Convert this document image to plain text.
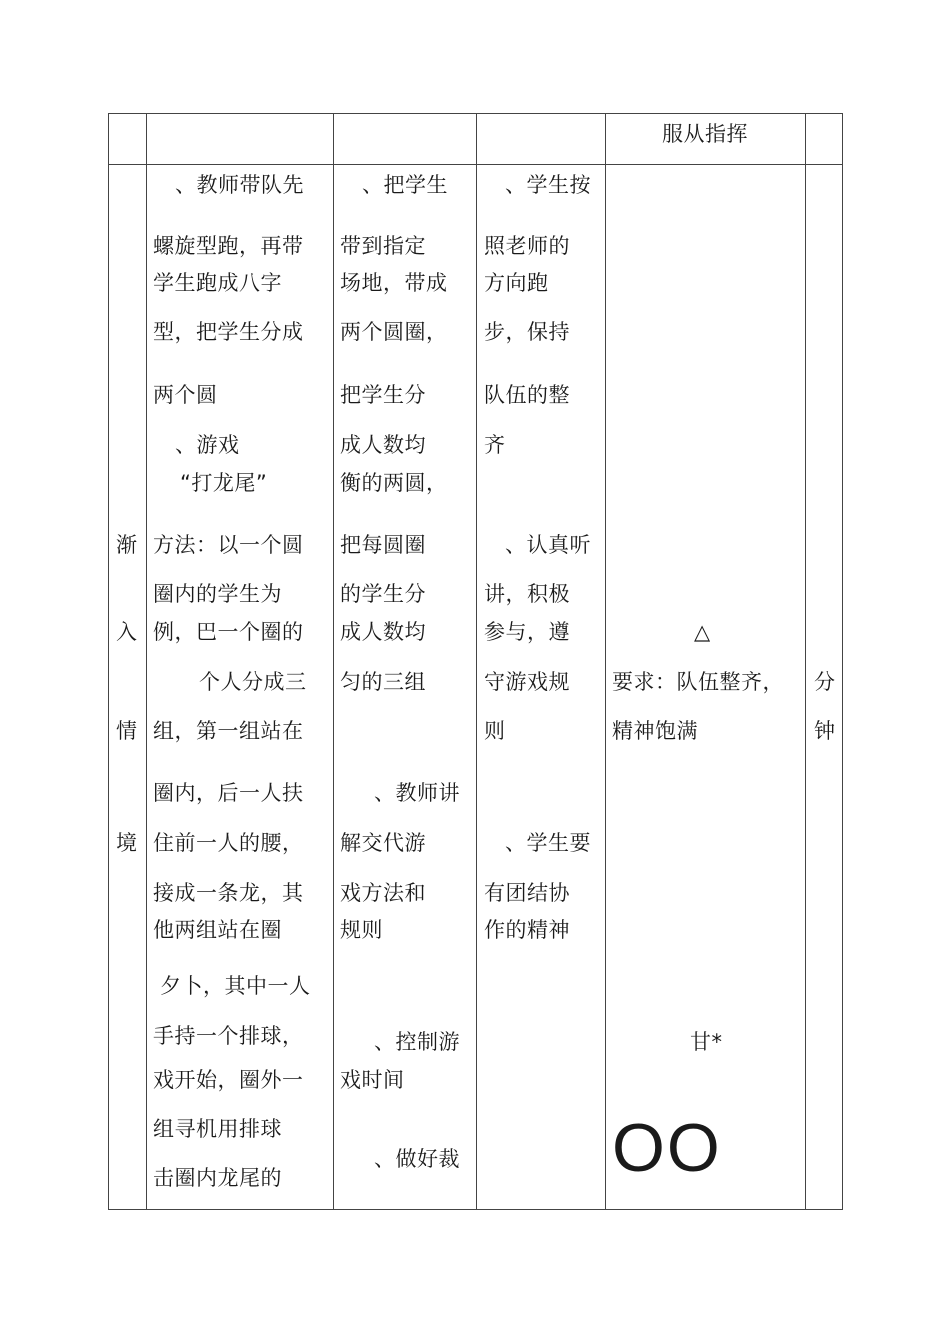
服从指挥
渐
入
情
境
、教师带队先
螺旋型跑，再带
学生跑成八字
型，把学生分成
两个圆
、游戏
“打龙尾”
方法：以一个圆
圈内的学生为
例，巴一个圈的
个人分成三
组，第一组站在
圈内，后一人扶
住前一人的腰，
接成一条龙，其
他两组站在圈
夕卜，其中一人
手持一个排球，
戏开始，圈外一
组寻机用排球
击圈内龙尾的
、把学生
带到指定
场地，带成
两个圆圈，
把学生分
成人数均
衡的两圆，
把每圆圈
的学生分
成人数均
匀的三组
、教师讲
解交代游
戏方法和
规则
、控制游
戏时间
、做好裁
、学生按
照老师的
方向跑
步，保持
队伍的整
齐
、认真听
讲，积极
参与，遵
守游戏规
则
、学生要
有团结协
作的精神
△
要求：队伍整齐，
精神饱满
甘*
OO
分
钟
